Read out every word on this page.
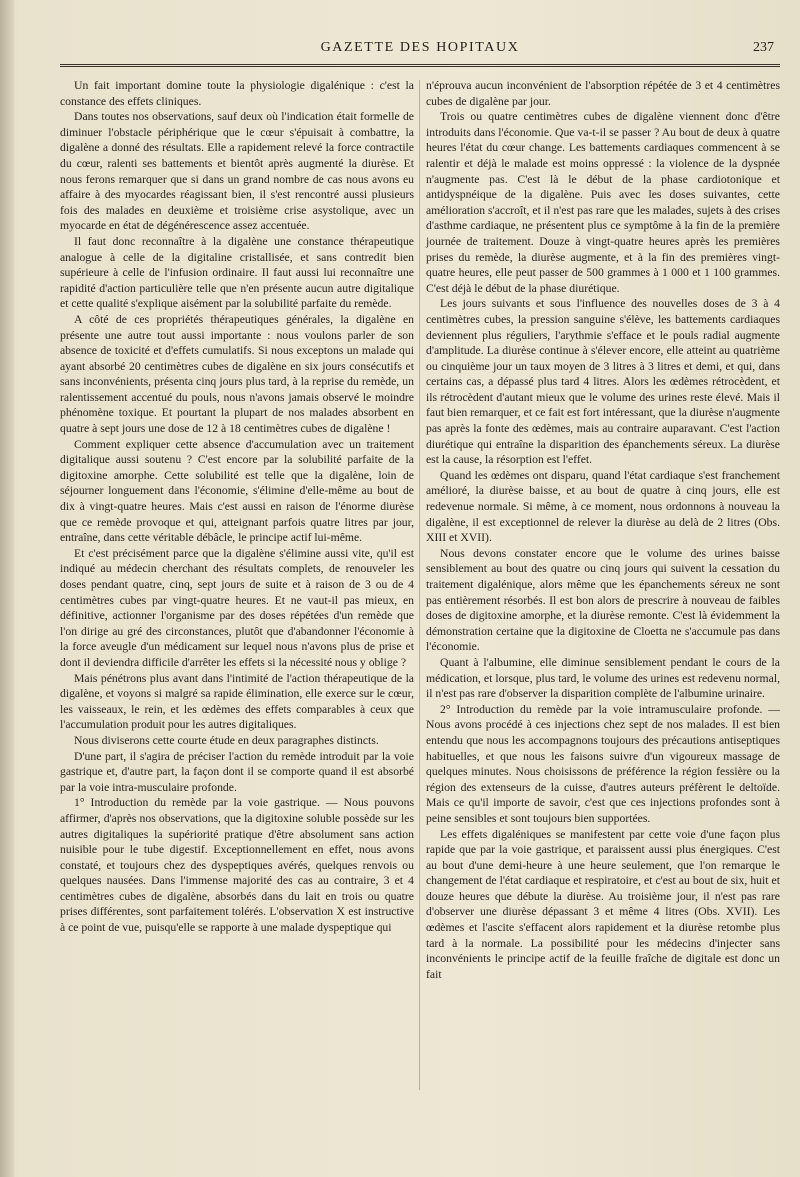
GAZETTE DES HOPITAUX	237

Un fait important domine toute la physiologie digalénique : c'est la constance des effets cliniques.

Dans toutes nos observations, sauf deux où l'indication était formelle de diminuer l'obstacle périphérique que le cœur s'épuisait à combattre, la digalène a donné des résultats. Elle a rapidement relevé la force contractile du cœur, ralenti ses battements et bientôt après augmenté la diurèse. Et nous ferons remarquer que si dans un grand nombre de cas nous avons eu affaire à des myocardes réagissant bien, il s'est rencontré aussi plusieurs fois des malades en deuxième et troisième crise asystolique, avec un myocarde en état de dégénérescence assez accentuée.

Il faut donc reconnaître à la digalène une constance thérapeutique analogue à celle de la digitaline cristallisée, et sans contredit bien supérieure à celle de l'infusion ordinaire. Il faut aussi lui reconnaître une rapidité d'action particulière telle que n'en présente aucun autre digitalique et cette qualité s'explique aisément par la solubilité parfaite du remède.

A côté de ces propriétés thérapeutiques générales, la digalène en présente une autre tout aussi importante : nous voulons parler de son absence de toxicité et d'effets cumulatifs. Si nous exceptons un malade qui ayant absorbé 20 centimètres cubes de digalène en six jours consécutifs et sans inconvénients, présenta cinq jours plus tard, à la reprise du remède, un ralentissement accentué du pouls, nous n'avons jamais observé le moindre phénomène toxique. Et pourtant la plupart de nos malades absorbent en quatre à sept jours une dose de 12 à 18 centimètres cubes de digalène !

Comment expliquer cette absence d'accumulation avec un traitement digitalique aussi soutenu ? C'est encore par la solubilité parfaite de la digitoxine amorphe. Cette solubilité est telle que la digalène, loin de séjourner longuement dans l'économie, s'élimine d'elle-même au bout de dix à vingt-quatre heures. Mais c'est aussi en raison de l'énorme diurèse que ce remède provoque et qui, atteignant parfois quatre litres par jour, entraîne, dans cette véritable débâcle, le principe actif lui-même.

Et c'est précisément parce que la digalène s'élimine aussi vite, qu'il est indiqué au médecin cherchant des résultats complets, de renouveler les doses pendant quatre, cinq, sept jours de suite et à raison de 3 ou de 4 centimètres cubes par vingt-quatre heures. Et ne vaut-il pas mieux, en définitive, actionner l'organisme par des doses répétées d'un remède que l'on dirige au gré des circonstances, plutôt que d'abandonner l'économie à la force aveugle d'un médicament sur lequel nous n'avons plus de prise et dont il deviendra difficile d'arrêter les effets si la nécessité nous y oblige ?

Mais pénétrons plus avant dans l'intimité de l'action thérapeutique de la digalène, et voyons si malgré sa rapide élimination, elle exerce sur le cœur, les vaisseaux, le rein, et les œdèmes des effets comparables à ceux que l'accumulation produit pour les autres digitaliques.

Nous diviserons cette courte étude en deux paragraphes distincts.

D'une part, il s'agira de préciser l'action du remède introduit par la voie gastrique et, d'autre part, la façon dont il se comporte quand il est absorbé par la voie intra-musculaire profonde.

1° Introduction du remède par la voie gastrique. — Nous pouvons affirmer, d'après nos observations, que la digitoxine soluble possède sur les autres digitaliques la supériorité pratique d'être absolument sans action nuisible pour le tube digestif. Exceptionnellement en effet, nous avons constaté, et toujours chez des dyspeptiques avérés, quelques renvois ou quelques nausées. Dans l'immense majorité des cas au contraire, 3 et 4 centimètres cubes de digalène, absorbés dans du lait en trois ou quatre prises différentes, sont parfaitement tolérés. L'observation X est instructive à ce point de vue, puisqu'elle se rapporte à une malade dyspeptique qui

n'éprouva aucun inconvénient de l'absorption répétée de 3 et 4 centimètres cubes de digalène par jour.

Trois ou quatre centimètres cubes de digalène viennent donc d'être introduits dans l'économie. Que va-t-il se passer ? Au bout de deux à quatre heures l'état du cœur change. Les battements cardiaques commencent à se ralentir et déjà le malade est moins oppressé : la violence de la dyspnée n'augmente pas. C'est là le début de la phase cardiotonique et antidyspnéique de la digalène. Puis avec les doses suivantes, cette amélioration s'accroît, et il n'est pas rare que les malades, sujets à des crises d'asthme cardiaque, ne présentent plus ce symptôme à la fin de la première journée de traitement. Douze à vingt-quatre heures après les premières prises du remède, la diurèse augmente, et à la fin des premières vingt-quatre heures, elle peut passer de 500 grammes à 1 000 et 1 100 grammes. C'est déjà le début de la phase diurétique.

Les jours suivants et sous l'influence des nouvelles doses de 3 à 4 centimètres cubes, la pression sanguine s'élève, les battements cardiaques deviennent plus réguliers, l'arythmie s'efface et le pouls radial augmente d'amplitude. La diurèse continue à s'élever encore, elle atteint au quatrième ou cinquième jour un taux moyen de 3 litres à 3 litres et demi, et qui, dans certains cas, a dépassé plus tard 4 litres. Alors les œdèmes rétrocèdent, et ils rétrocèdent d'autant mieux que le volume des urines reste élevé. Mais il faut bien remarquer, et ce fait est fort intéressant, que la diurèse n'augmente pas après la fonte des œdèmes, mais au contraire auparavant. C'est l'action diurétique qui entraîne la disparition des épanchements séreux. La diurèse est la cause, la résorption est l'effet.

Quand les œdèmes ont disparu, quand l'état cardiaque s'est franchement amélioré, la diurèse baisse, et au bout de quatre à cinq jours, elle est redevenue normale. Si même, à ce moment, nous ordonnons à nouveau la digalène, il est exceptionnel de relever la diurèse au delà de 2 litres (Obs. XIII et XVII).

Nous devons constater encore que le volume des urines baisse sensiblement au bout des quatre ou cinq jours qui suivent la cessation du traitement digalénique, alors même que les épanchements séreux ne sont pas entièrement résorbés. Il est bon alors de prescrire à nouveau de faibles doses de digitoxine amorphe, et la diurèse remonte. C'est là évidemment la démonstration certaine que la digitoxine de Cloetta ne s'accumule pas dans l'économie.

Quant à l'albumine, elle diminue sensiblement pendant le cours de la médication, et lorsque, plus tard, le volume des urines est redevenu normal, il n'est pas rare d'observer la disparition complète de l'albumine urinaire.

2° Introduction du remède par la voie intramusculaire profonde. — Nous avons procédé à ces injections chez sept de nos malades. Il est bien entendu que nous les accompagnons toujours des précautions antiseptiques habituelles, et que nous les faisons suivre d'un vigoureux massage de quelques minutes. Nous choisissons de préférence la région fessière ou la région des extenseurs de la cuisse, d'autres auteurs préfèrent le deltoïde. Mais ce qu'il importe de savoir, c'est que ces injections profondes sont à peine sensibles et sont toujours bien supportées.

Les effets digaléniques se manifestent par cette voie d'une façon plus rapide que par la voie gastrique, et paraissent aussi plus énergiques. C'est au bout d'une demi-heure à une heure seulement, que l'on remarque le changement de l'état cardiaque et respiratoire, et c'est au bout de six, huit et douze heures que débute la diurèse. Au troisième jour, il n'est pas rare d'observer une diurèse dépassant 3 et même 4 litres (Obs. XVII). Les œdèmes et l'ascite s'effacent alors rapidement et la diurèse retombe plus tard à la normale. La possibilité pour les médecins d'injecter sans inconvénients le principe actif de la feuille fraîche de digitale est donc un fait
